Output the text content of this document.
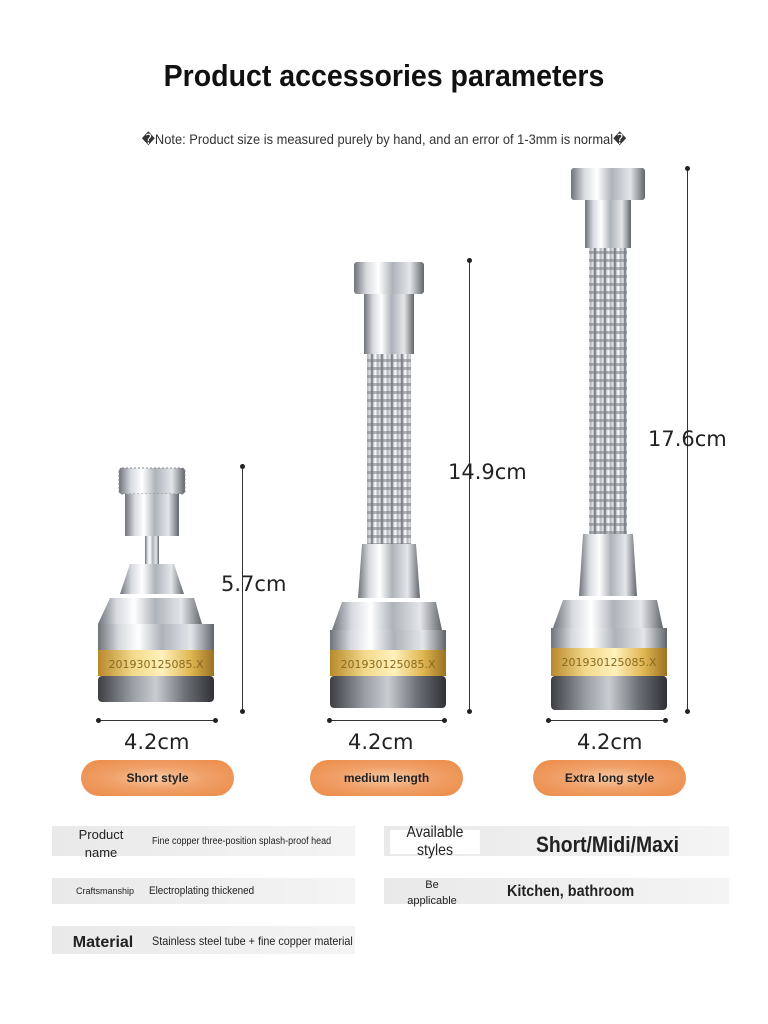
Product accessories parameters
�Note: Product size is measured purely by hand, and an error of 1-3mm is normal�
201930125085.X
5.7cm
4.2cm
Short style
201930125085.X
14.9cm
4.2cm
medium length
201930125085.X
17.6cm
4.2cm
Extra long style
Product name
Fine copper three-position splash-proof head
Craftsmanship	Electroplating thickened
Material Stainless steel tube + fine copper material
Available styles	Short/Midi/Maxi
Be applicable
Kitchen, bathroom
